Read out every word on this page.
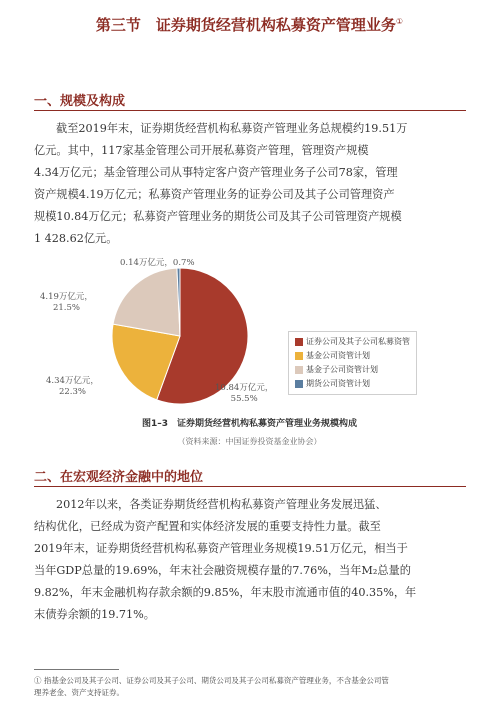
第三节　证券期货经营机构私募资产管理业务①
一、规模及构成
截至2019年末，证券期货经营机构私募资产管理业务总规模约19.51万
亿元。其中，117家基金管理公司开展私募资产管理，管理资产规模
4.34万亿元；基金管理公司从事特定客户资产管理业务子公司78家，管理
资产规模4.19万亿元；私募资产管理业务的证券公司及其子公司管理资产
规模10.84万亿元；私募资产管理业务的期货公司及其子公司管理资产规模
1 428.62亿元。
0.14万亿元，0.7%
4.19万亿元，
21.5%
4.34万亿元，
22.3%	10.84万亿元，
55.5%
证券公司及其子公司私募资管
基金公司资管计划
基金子公司资管计划
期货公司资管计划
图1–3　证券期货经营机构私募资产管理业务规模构成
（资料来源：中国证券投资基金业协会）
二、在宏观经济金融中的地位
2012年以来，各类证券期货经营机构私募资产管理业务发展迅猛、
结构优化，已经成为资产配置和实体经济发展的重要支持性力量。截至
2019年末，证券期货经营机构私募资产管理业务规模19.51万亿元，相当于
当年GDP总量的19.69%，年末社会融资规模存量的7.76%，当年M₂总量的
9.82%，年末金融机构存款余额的9.85%，年末股市流通市值的40.35%，年
末债券余额的19.71%。
① 指基金公司及其子公司、证券公司及其子公司、期货公司及其子公司私募资产管理业务，不含基金公司管
理养老金、资产支持证券。
